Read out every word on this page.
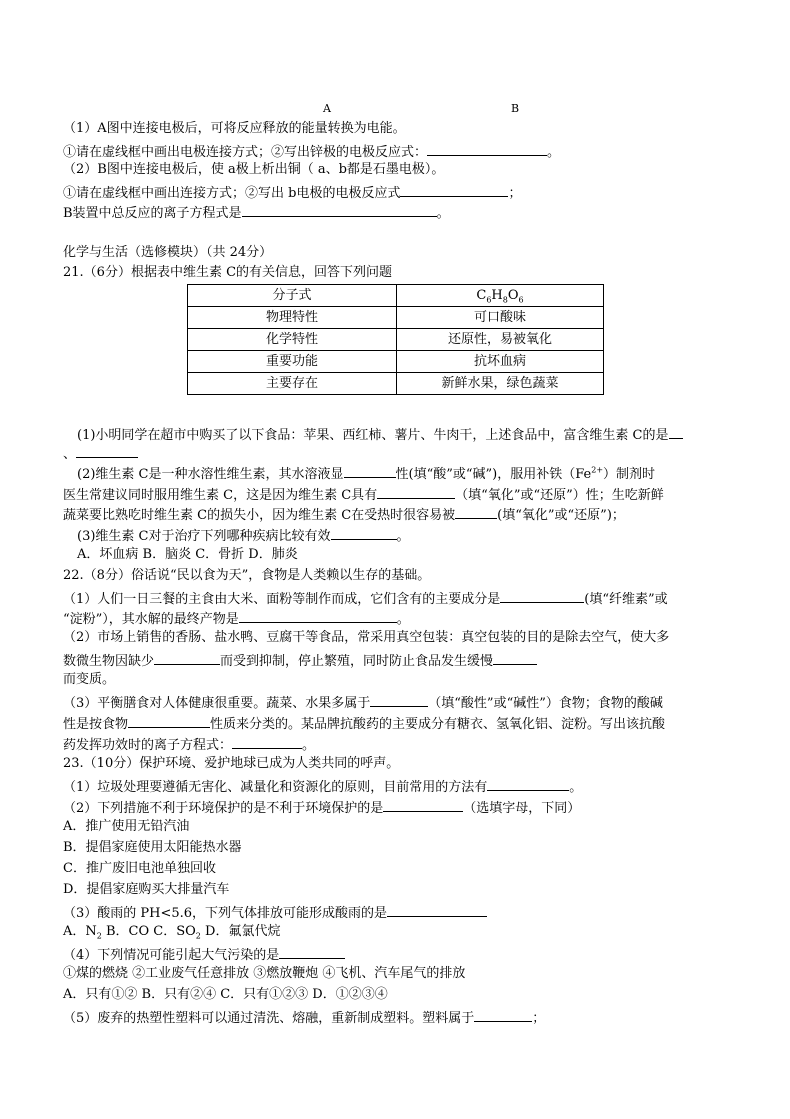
A	B
（1）A图中连接电极后，可将反应释放的能量转换为电能。
①请在虚线框中画出电极连接方式；②写出锌极的电极反应式：	。
（2）B图中连接电极后，使 a极上析出铜（ a、b都是石墨电极）。
①请在虚线框中画出连接方式；②写出 b电极的电极反应式	；
B装置中总反应的离子方程式是	。
化学与生活（选修模块）（共 24分）
21.（6分）根据表中维生素 C的有关信息，回答下列问题
分子式	$C_6H_8O_6$
物理特性	可口酸味
化学特性	还原性，易被氧化
重要功能	抗坏血病
主要存在	新鲜水果，绿色蔬菜
(1)小明同学在超市中购买了以下食品：苹果、西红柿、薯片、牛肉干，上述食品中，富含维生素 C的是
、
(2)维生素 C是一种水溶性维生素，其水溶液显	性(填“酸”或“碱”)，服用补铁$(Fe^{2+})$制剂时
医生常建议同时服用维生素 C，这是因为维生素 C具有	（填“氧化”或“还原”）性；生吃新鲜
蔬菜要比熟吃时维生素 C的损失小，因为维生素 C在受热时很容易被	(填“氧化”或“还原”)；
(3)维生素 C对于治疗下列哪种疾病比较有效	。
A．坏血病 B．脑炎 C．骨折 D．肺炎
22.（8分）俗话说“民以食为天”，食物是人类赖以生存的基础。
（1）人们一日三餐的主食由大米、面粉等制作而成，它们含有的主要成分是	(填“纤维素”或
“淀粉”），其水解的最终产物是	。
（2）市场上销售的香肠、盐水鸭、豆腐干等食品，常采用真空包装：真空包装的目的是除去空气，使大多
数微生物因缺少	而受到抑制，停止繁殖，同时防止食品发生缓慢
而变质。
（3）平衡膳食对人体健康很重要。蔬菜、水果多属于	（填“酸性”或“碱性”）食物；食物的酸碱
性是按食物	性质来分类的。某品牌抗酸药的主要成分有糖衣、氢氧化铝、淀粉。写出该抗酸
药发挥功效时的离子方程式：	。
23.（10分）保护环境、爱护地球已成为人类共同的呼声。
（1）垃圾处理要遵循无害化、减量化和资源化的原则，目前常用的方法有	。
（2）下列措施不利于环境保护的是不利于环境保护的是	（选填字母，下同）
A．推广使用无铅汽油
B．提倡家庭使用太阳能热水器
C．推广废旧电池单独回收
D．提倡家庭购买大排量汽车
（3）酸雨的 PH<5.6，下列气体排放可能形成酸雨的是
A．$N_2$ B．CO C．$SO_2$ D．氟氯代烷
（4）下列情况可能引起大气污染的是
①煤的燃烧 ②工业废气任意排放 ③燃放鞭炮 ④飞机、汽车尾气的排放
A．只有①② B．只有②④ C．只有①②③ D．①②③④
（5）废弃的热塑性塑料可以通过清洗、熔融，重新制成塑料。塑料属于	；
